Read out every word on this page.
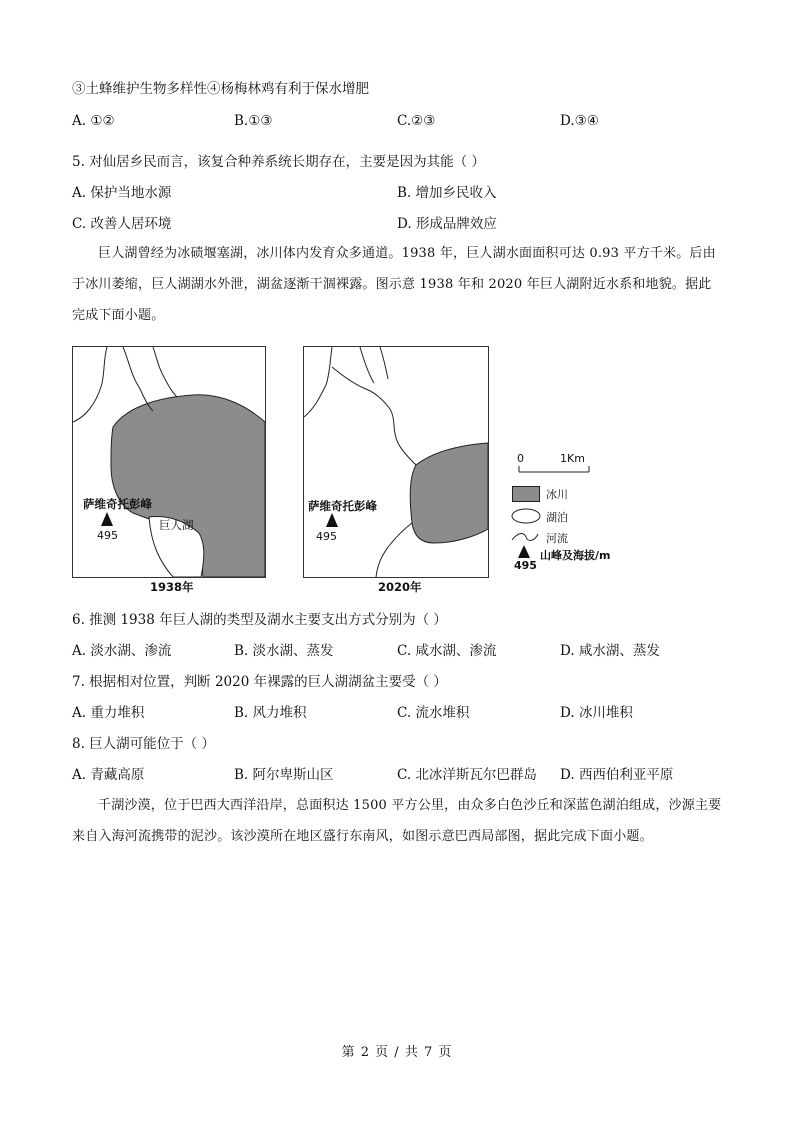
③土蜂维护生物多样性④杨梅林鸡有利于保水增肥
A. ①②	B.①③	C.②③	D.③④
5. 对仙居乡民而言，该复合种养系统长期存在，主要是因为其能（ ）
A. 保护当地水源	B. 增加乡民收入
C. 改善人居环境	D. 形成品牌效应
巨人湖曾经为冰碛堰塞湖，冰川体内发育众多通道。1938 年，巨人湖水面面积可达 0.93 平方千米。后由于冰川萎缩，巨人湖湖水外泄，湖盆逐渐干涸裸露。图示意 1938 年和 2020 年巨人湖附近水系和地貌。据此完成下面小题。
萨维奇托彭峰
495
巨人湖
1938年
萨维奇托彭峰
495
2020年
0	1Km
冰川
湖泊
河流
山峰及海拔/m
495
6. 推测 1938 年巨人湖的类型及湖水主要支出方式分别为（ ）
A. 淡水湖、渗流	B. 淡水湖、蒸发	C. 咸水湖、渗流	D. 咸水湖、蒸发
7. 根据相对位置，判断 2020 年裸露的巨人湖湖盆主要受（ ）
A. 重力堆积	B. 风力堆积	C. 流水堆积	D. 冰川堆积
8. 巨人湖可能位于（ ）
A. 青藏高原	B. 阿尔卑斯山区	C. 北冰洋斯瓦尔巴群岛 D. 西西伯利亚平原
千湖沙漠，位于巴西大西洋沿岸，总面积达 1500 平方公里，由众多白色沙丘和深蓝色湖泊组成，沙源主要来自入海河流携带的泥沙。该沙漠所在地区盛行东南风，如图示意巴西局部图，据此完成下面小题。
第 2 页 / 共 7 页
